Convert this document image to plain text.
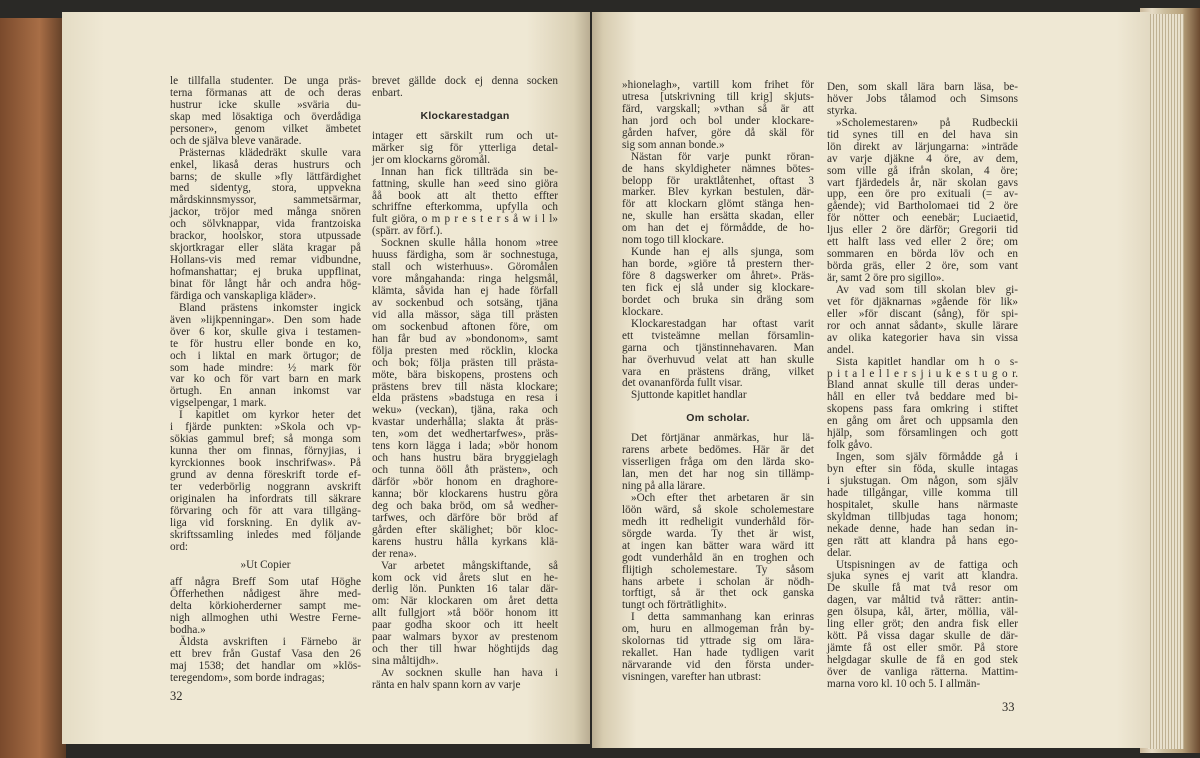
le tillfalla studenter. De unga präs-
terna förmanas att de och deras
hustrur icke skulle »sväria du-
skap med lösaktiga och överdådiga
personer», genom vilket ämbetet
och de själva bleve vanärade.
Prästernas klädedräkt skulle vara
enkel, likaså deras hustrurs och
barns; de skulle »fly lättfärdighet
med sidentyg, stora, uppvekna
mårdskinnsmyssor, sammetsärmar,
jackor, tröjor med många snören
och sölvknappar, vida frantzoiska
brackor, hoolskor, stora utpussade
skjortkragar eller släta kragar på
Hollans-vis med remar vidbundne,
hofmanshattar; ej bruka uppflinat,
binat för långt hår och andra hög-
färdiga och vanskapliga kläder».
Bland prästens inkomster ingick
även »lijkpenningar». Den som hade
över 6 kor, skulle giva i testamen-
te för hustru eller bonde en ko,
och i liktal en mark örtugor; de
som hade mindre: ½ mark för
var ko och för vart barn en mark
örtugh. En annan inkomst var
vigselpengar, 1 mark.
I kapitlet om kyrkor heter det
i fjärde punkten: »Skola och vp-
sökias gammul bref; så monga som
kunna ther om finnas, förnyjias, i
kyrckionnes book inschrifwas». På
grund av denna föreskrift torde ef-
ter vederbörlig noggrann avskrift
originalen ha infordrats till säkrare
förvaring och för att vara tillgäng-
liga vid forskning. En dylik av-
skriftssamling inledes med följande
ord:
»Ut Copier
aff några Breff Som utaf Höghe
Öfferhethen nådigest ähre med-
delta körkioherderner sampt me-
nigh allmoghen uthi Westre Ferne-
bodha.»
Äldsta avskriften i Färnebo är
ett brev från Gustaf Vasa den 26
maj 1538; det handlar om »klös-
teregendom», som borde indragas;
brevet gällde dock ej denna socken
enbart.
Klockarestadgan
intager ett särskilt rum och ut-
märker sig för ytterliga detal-
jer om klockarns göromål.
Innan han fick tillträda sin be-
fattning, skulle han »eed sino giöra
åå book att alt thetto effter
schriffne efterkomma, upfylla och
fult giöra, o m p r e s t e r s å w i l l»
(spärr. av förf.).
Socknen skulle hålla honom »tree
huuss färdigha, som är sochnestuga,
stall och wisterhuus». Göromålen
vore mångahanda: ringa helgsmål,
klämta, såvida han ej hade förfall
av sockenbud och sotsäng, tjäna
vid alla mässor, säga till prästen
om sockenbud aftonen före, om
han får bud av »bondonom», samt
följa presten med röcklin, klocka
och bok; följa prästen till prästa-
möte, bära biskopens, prostens och
prästens brev till nästa klockare;
elda prästens »badstuga en resa i
weku» (veckan), tjäna, raka och
kvastar underhålla; slakta åt präs-
ten, »om det wedhertarfwes», präs-
tens korn lägga i lada; »bör honom
och hans hustru bära bryggielagh
och tunna ööll åth prästen», och
därför »bör honom en draghore-
kanna; bör klockarens hustru göra
deg och baka bröd, om så wedher-
tarfwes, och därföre bör bröd af
gården efter skälighet; bör kloc-
karens hustru hålla kyrkans klä-
der rena».
Var arbetet mångskiftande, så
kom ock vid årets slut en he-
derlig lön. Punkten 16 talar där-
om: När klockaren om året detta
allt fullgjort »tå böör honom itt
paar godha skoor och itt heelt
paar walmars byxor av prestenom
och ther till hwar höghtijds dag
sina måltijdh».
Av socknen skulle han hava i
ränta en halv spann korn av varje
32
»hionelagh», vartill kom frihet för
utresa [utskrivning till krig] skjuts-
färd, vargskall; »vthan så är att
han jord och bol under klockare-
gården hafver, göre då skäl för
sig som annan bonde.»
Nästan för varje punkt röran-
de hans skyldigheter nämnes bötes-
belopp för uraktlåtenhet, oftast 3
marker. Blev kyrkan bestulen, där-
för att klockarn glömt stänga hen-
ne, skulle han ersätta skadan, eller
om han det ej förmådde, de ho-
nom togo till klockare.
Kunde han ej alls sjunga, som
han borde, »giöre tå prestern ther-
före 8 dagswerker om åhret». Präs-
ten fick ej slå under sig klockare-
bordet och bruka sin dräng som
klockare.
Klockarestadgan har oftast varit
ett tvisteämne mellan församlin-
garna och tjänstinnehavaren. Man
har överhuvud velat att han skulle
vara en prästens dräng, vilket
det ovananförda fullt visar.
Sjuttonde kapitlet handlar
Om scholar.
Det förtjänar anmärkas, hur lä-
rarens arbete bedömes. Här är det
visserligen fråga om den lärda sko-
lan, men det har nog sin tillämp-
ning på alla lärare.
»Och efter thet arbetaren är sin
löön wärd, så skole scholemestare
medh itt redheligit vunderhåld för-
sörgde warda. Ty thet är wist,
at ingen kan bätter wara wärd itt
godt vunderhåld än en troghen och
flijtigh scholemestare. Ty såsom
hans arbete i scholan är nödh-
torftigt, så är thet ock ganska
tungt och förträtlighit».
I detta sammanhang kan erinras
om, huru en allmogeman från by-
skolornas tid yttrade sig om lära-
rekallet. Han hade tydligen varit
närvarande vid den första under-
visningen, varefter han utbrast:
Den, som skall lära barn läsa, be-
höver Jobs tålamod och Simsons
styrka.
»Scholemestaren» på Rudbeckii
tid synes till en del hava sin
lön direkt av lärjungarna: »inträde
av varje djäkne 4 öre, av dem,
som ville gå ifrån skolan, 4 öre;
vart fjärdedels år, när skolan gavs
upp, een öre pro exituali (= av-
gående); vid Bartholomaei tid 2 öre
för nötter och eenebär; Luciaetid,
ljus eller 2 öre därför; Gregorii tid
ett halft lass ved eller 2 öre; om
sommaren en börda löv och en
börda gräs, eller 2 öre, som vant
är, samt 2 öre pro sigillo».
Av vad som till skolan blev gi-
vet för djäknarnas »gående för lik»
eller »för discant (sång), för spi-
ror och annat sådant», skulle lärare
av olika kategorier hava sin vissa
andel.
Sista kapitlet handlar om h o s-
p i t a l e l l e r s j i u k e s t u g o r.
Bland annat skulle till deras under-
håll en eller två beddare med bi-
skopens pass fara omkring i stiftet
en gång om året och uppsamla den
hjälp, som församlingen och gott
folk gåvo.
Ingen, som själv förmådde gå i
byn efter sin föda, skulle intagas
i sjukstugan. Om någon, som själv
hade tillgångar, ville komma till
hospitalet, skulle hans närmaste
skyldman tillbjudas taga honom;
nekade denne, hade han sedan in-
gen rätt att klandra på hans ego-
delar.
Utspisningen av de fattiga och
sjuka synes ej varit att klandra.
De skulle få mat två resor om
dagen, var måltid två rätter: antin-
gen ölsupa, kål, ärter, möllia, väl-
ling eller gröt; den andra fisk eller
kött. På vissa dagar skulle de där-
jämte få ost eller smör. På store
helgdagar skulle de få en god stek
över de vanliga rätterna. Mattim-
marna voro kl. 10 och 5. I allmän-
33
